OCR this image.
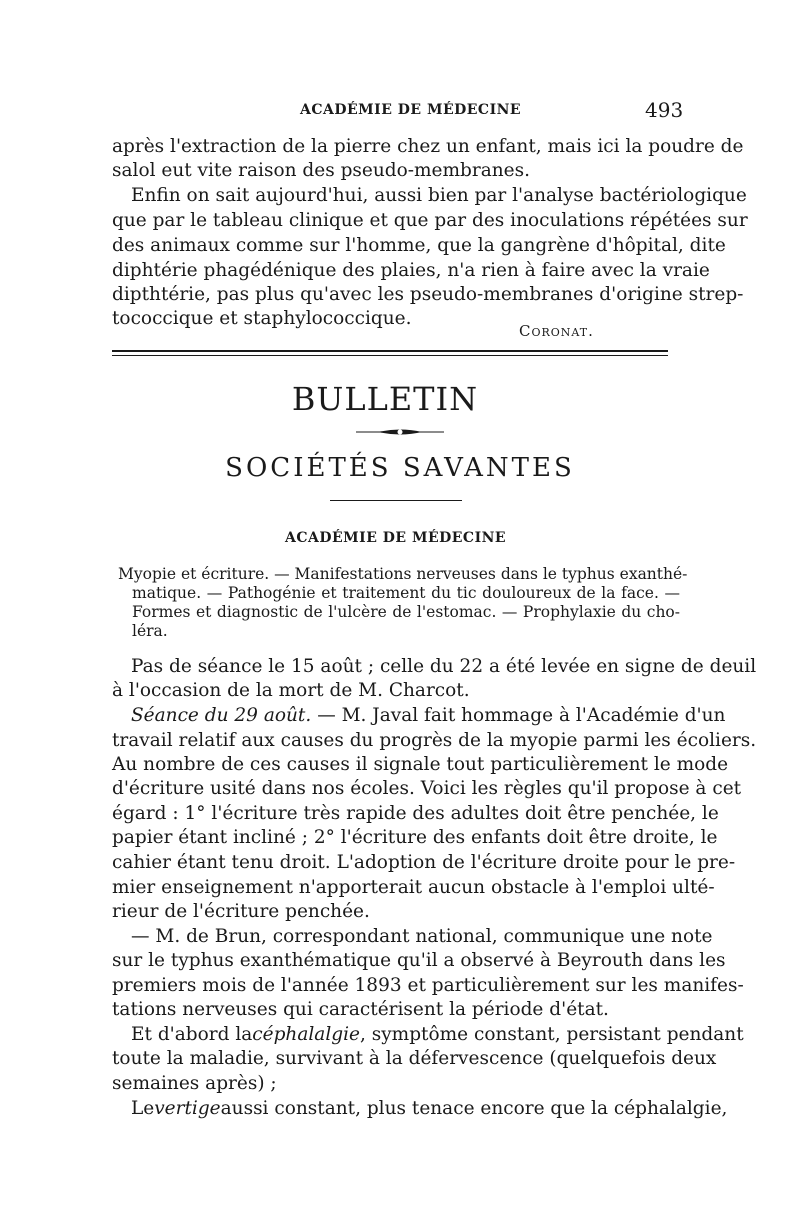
ACADÉMIE DE MÉDECINE	493
après l'extraction de la pierre chez un enfant, mais ici la poudre de
salol eut vite raison des pseudo-membranes.
Enfin on sait aujourd'hui, aussi bien par l'analyse bactériologique
que par le tableau clinique et que par des inoculations répétées sur
des animaux comme sur l'homme, que la gangrène d'hôpital, dite
diphtérie phagédénique des plaies, n'a rien à faire avec la vraie
dipthtérie, pas plus qu'avec les pseudo-membranes d'origine strep-
tococcique et staphylococcique.
Coronat.
BULLETIN
SOCIÉTÉS SAVANTES
ACADÉMIE DE MÉDECINE
Myopie et écriture. — Manifestations nerveuses dans le typhus exanthé-
matique. — Pathogénie et traitement du tic douloureux de la face. —
Formes et diagnostic de l'ulcère de l'estomac. — Prophylaxie du cho-
léra.
Pas de séance le 15 août ; celle du 22 a été levée en signe de deuil
à l'occasion de la mort de M. Charcot.
Séance du 29 août. — M. Javal fait hommage à l'Académie d'un
travail relatif aux causes du progrès de la myopie parmi les écoliers.
Au nombre de ces causes il signale tout particulièrement le mode
d'écriture usité dans nos écoles. Voici les règles qu'il propose à cet
égard : 1° l'écriture très rapide des adultes doit être penchée, le
papier étant incliné ; 2° l'écriture des enfants doit être droite, le
cahier étant tenu droit. L'adoption de l'écriture droite pour le pre-
mier enseignement n'apporterait aucun obstacle à l'emploi ulté-
rieur de l'écriture penchée.
— M. de Brun, correspondant national, communique une note
sur le typhus exanthématique qu'il a observé à Beyrouth dans les
premiers mois de l'année 1893 et particulièrement sur les manifes-
tations nerveuses qui caractérisent la période d'état.
Et d'abord la céphalalgie , symptôme constant, persistant pendant
toute la maladie, survivant à la défervescence (quelquefois deux
semaines après) ;
Le vertige aussi constant, plus tenace encore que la céphalalgie,
